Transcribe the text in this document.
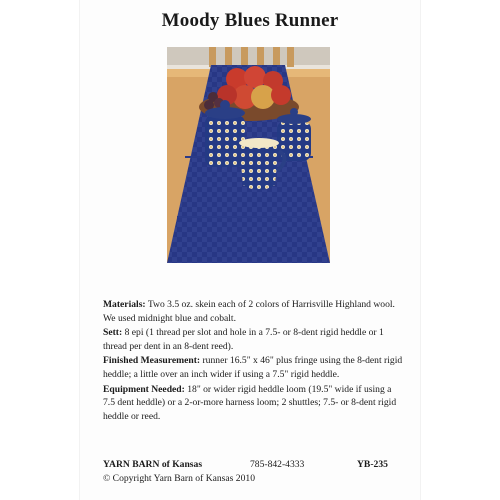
Moody Blues Runner

Materials: Two 3.5 oz. skein each of 2 colors of Harrisville Highland wool. We used midnight blue and cobalt.

Sett: 8 epi (1 thread per slot and hole in a 7.5- or 8-dent rigid heddle or 1 thread per dent in an 8-dent reed).

Finished Measurement: runner 16.5" x 46" plus fringe using the 8-dent rigid heddle; a little over an inch wider if using a 7.5" rigid heddle.

Equipment Needed: 18" or wider rigid heddle loom (19.5" wide if using a 7.5 dent heddle) or a 2-or-more harness loom; 2 shuttles; 7.5- or 8-dent rigid heddle or reed.

YARN BARN of Kansas	785-842-4333	YB-235
© Copyright Yarn Barn of Kansas 2010
